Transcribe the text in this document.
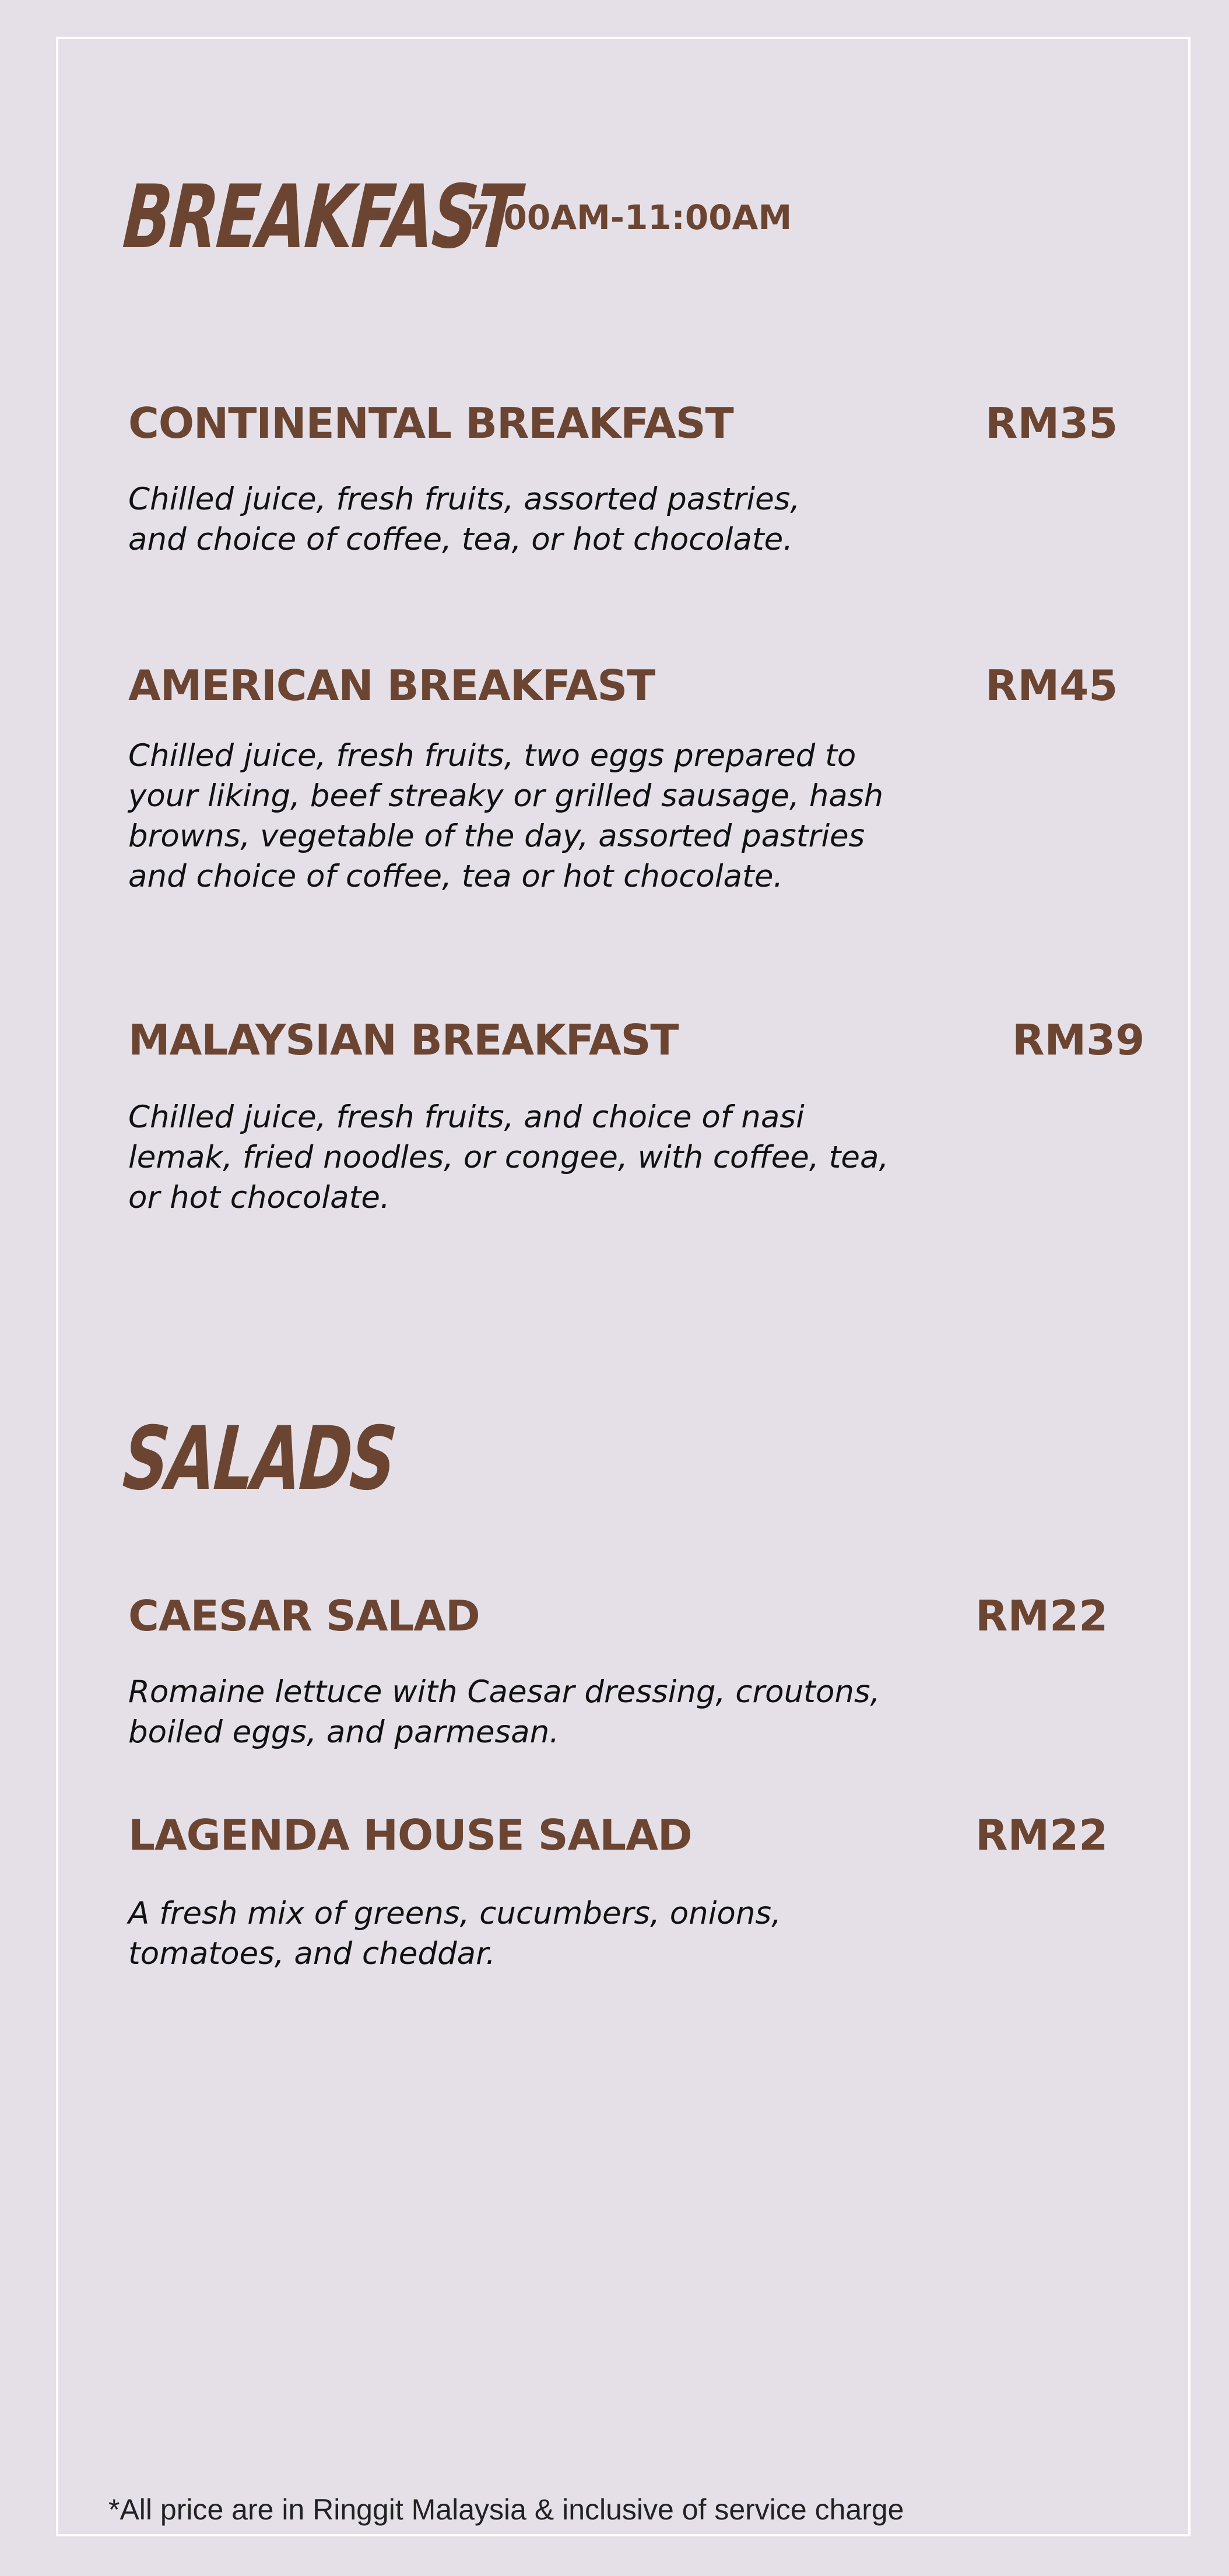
BREAKFAST
7:00AM-11:00AM
CONTINENTAL BREAKFAST	RM35
Chilled juice, fresh fruits, assorted pastries,
and choice of coffee, tea, or hot chocolate.
AMERICAN BREAKFAST	RM45
Chilled juice, fresh fruits, two eggs prepared to
your liking, beef streaky or grilled sausage, hash
browns, vegetable of the day, assorted pastries
and choice of coffee, tea or hot chocolate.
MALAYSIAN BREAKFAST	RM39
Chilled juice, fresh fruits, and choice of nasi
lemak, fried noodles, or congee, with coffee, tea,
or hot chocolate.
SALADS
CAESAR SALAD	RM22
Romaine lettuce with Caesar dressing, croutons,
boiled eggs, and parmesan.
LAGENDA HOUSE SALAD	RM22
A fresh mix of greens, cucumbers, onions,
tomatoes, and cheddar.
*All price are in Ringgit Malaysia & inclusive of service charge
